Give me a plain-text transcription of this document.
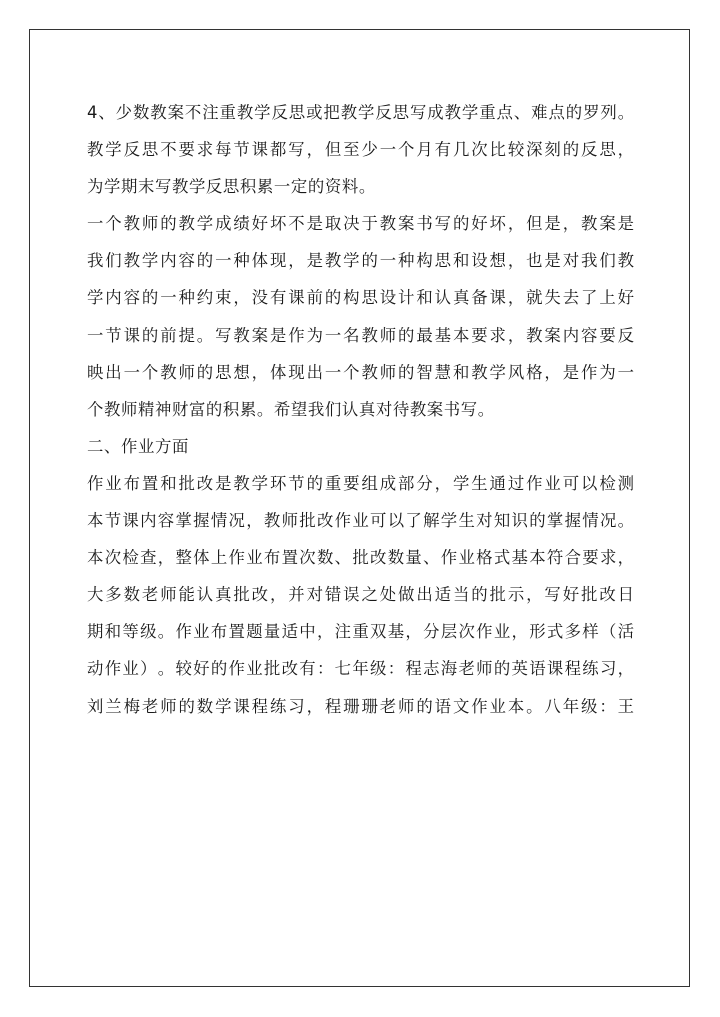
4 、 少 数 教 案 不 注 重 教 学 反 思 或 把 教 学 反 思 写 成 教 学 重 点 、 难 点 的 罗 列 。
教 学 反 思 不 要 求 每 节 课 都 写 ， 但 至 少 一 个 月 有 几 次 比 较 深 刻 的 反 思 ，
为学期末写教学反思积累一定的资料。
一 个 教 师 的 教 学 成 绩 好 坏 不 是 取 决 于 教 案 书 写 的 好 坏 ， 但 是 ， 教 案 是
我 们 教 学 内 容 的 一 种 体 现 ， 是 教 学 的 一 种 构 思 和 设 想 ， 也 是 对 我 们 教
学 内 容 的 一 种 约 束 ， 没 有 课 前 的 构 思 设 计 和 认 真 备 课 ， 就 失 去 了 上 好
一 节 课 的 前 提 。 写 教 案 是 作 为 一 名 教 师 的 最 基 本 要 求 ， 教 案 内 容 要 反
映 出 一 个 教 师 的 思 想 ， 体 现 出 一 个 教 师 的 智 慧 和 教 学 风 格 ， 是 作 为 一
个教师精神财富的积累。希望我们认真对待教案书写。
二、作业方面
作 业 布 置 和 批 改 是 教 学 环 节 的 重 要 组 成 部 分 ， 学 生 通 过 作 业 可 以 检 测
本 节 课 内 容 掌 握 情 况 ， 教 师 批 改 作 业 可 以 了 解 学 生 对 知 识 的 掌 握 情 况 。
本 次 检 查 ， 整 体 上 作 业 布 置 次 数 、 批 改 数 量 、 作 业 格 式 基 本 符 合 要 求 ，
大 多 数 老 师 能 认 真 批 改 ， 并 对 错 误 之 处 做 出 适 当 的 批 示 ， 写 好 批 改 日
期 和 等 级 。 作 业 布 置 题 量 适 中 ， 注 重 双 基 ， 分 层 次 作 业 ， 形 式 多 样 （ 活
动 作 业 ） 。 较 好 的 作 业 批 改 有 ： 七 年 级 ： 程 志 海 老 师 的 英 语 课 程 练 习 ，
刘 兰 梅 老 师 的 数 学 课 程 练 习 ， 程 珊 珊 老 师 的 语 文 作 业 本 。 八 年 级 ： 王
